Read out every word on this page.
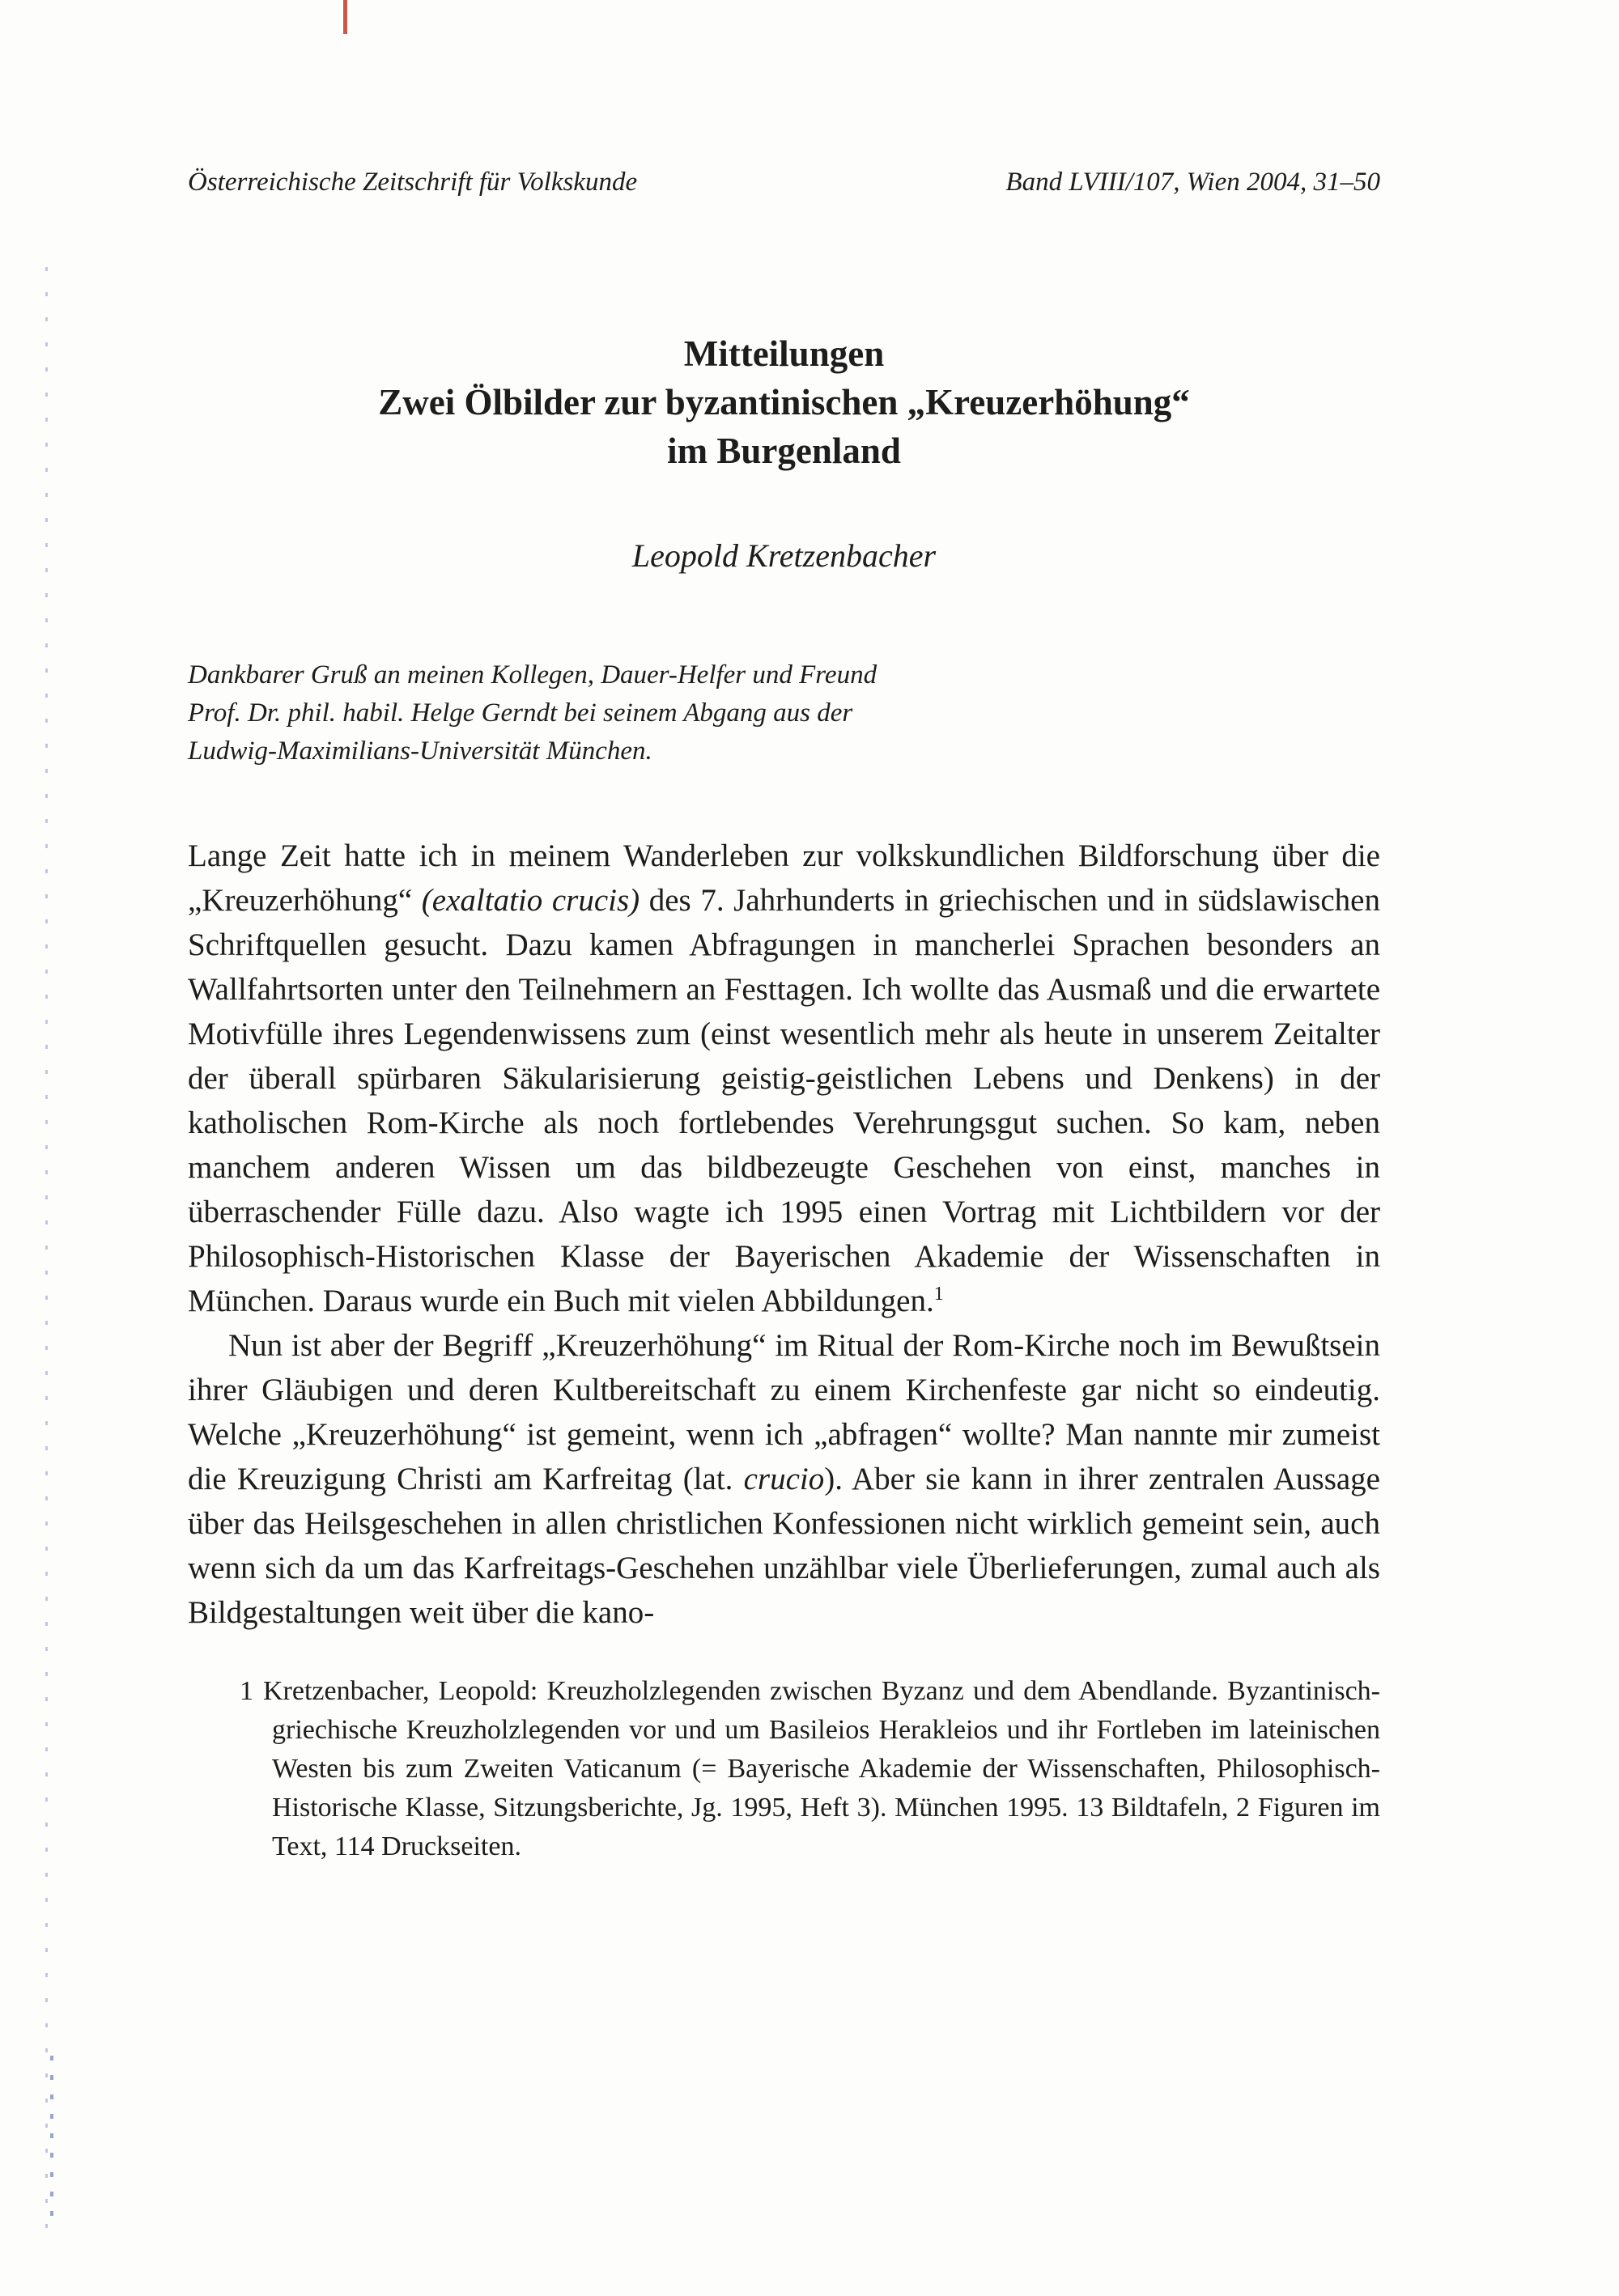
Österreichische Zeitschrift für Volkskunde	Band LVIII/107, Wien 2004, 31–50
Mitteilungen
Zwei Ölbilder zur byzantinischen „Kreuzerhöhung“
im Burgenland
Leopold Kretzenbacher
Dankbarer Gruß an meinen Kollegen, Dauer-Helfer und Freund
Prof. Dr. phil. habil. Helge Gerndt bei seinem Abgang aus der
Ludwig-Maximilians-Universität München.

Lange Zeit hatte ich in meinem Wanderleben zur volkskundlichen Bildforschung über die „Kreuzerhöhung“ (exaltatio crucis) des 7. Jahrhunderts in griechischen und in südslawischen Schriftquellen gesucht. Dazu kamen Abfragungen in mancherlei Sprachen besonders an Wallfahrtsorten unter den Teilnehmern an Festtagen. Ich wollte das Ausmaß und die erwartete Motivfülle ihres Legendenwissens zum (einst wesentlich mehr als heute in unserem Zeitalter der überall spürbaren Säkularisierung geistig-geistlichen Lebens und Denkens) in der katholischen Rom-Kirche als noch fortlebendes Verehrungsgut suchen. So kam, neben manchem anderen Wissen um das bildbezeugte Geschehen von einst, manches in überraschender Fülle dazu. Also wagte ich 1995 einen Vortrag mit Lichtbildern vor der Philosophisch-Historischen Klasse der Bayerischen Akademie der Wissenschaften in München. Daraus wurde ein Buch mit vielen Abbildungen.$^1$

Nun ist aber der Begriff „Kreuzerhöhung“ im Ritual der Rom-Kirche noch im Bewußtsein ihrer Gläubigen und deren Kultbereitschaft zu einem Kirchenfeste gar nicht so eindeutig. Welche „Kreuzerhöhung“ ist gemeint, wenn ich „abfragen“ wollte? Man nannte mir zumeist die Kreuzigung Christi am Karfreitag (lat. crucio). Aber sie kann in ihrer zentralen Aussage über das Heilsgeschehen in allen christlichen Konfessionen nicht wirklich gemeint sein, auch wenn sich da um das Karfreitags-Geschehen unzählbar viele Überlieferungen, zumal auch als Bildgestaltungen weit über die kano-

1 Kretzenbacher, Leopold: Kreuzholzlegenden zwischen Byzanz und dem Abendlande. Byzantinisch-griechische Kreuzholzlegenden vor und um Basileios Herakleios und ihr Fortleben im lateinischen Westen bis zum Zweiten Vaticanum (= Bayerische Akademie der Wissenschaften, Philosophisch-Historische Klasse, Sitzungsberichte, Jg. 1995, Heft 3). München 1995. 13 Bildtafeln, 2 Figuren im Text, 114 Druckseiten.
